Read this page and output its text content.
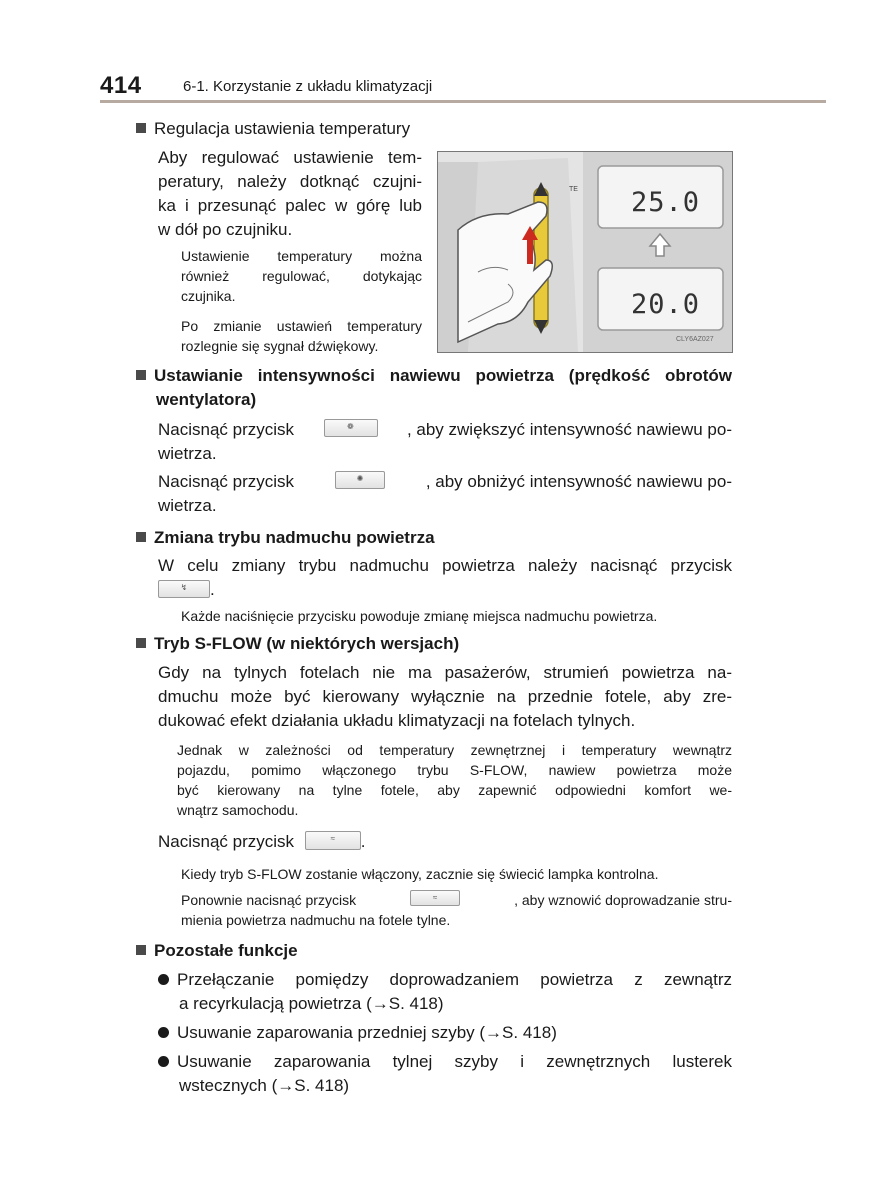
414	6-1. Korzystanie z układu klimatyzacji
Regulacja ustawienia temperatury
Aby regulować ustawienie tem-
peratury, należy dotknąć czujni-
ka i przesunąć palec w górę lub
w dół po czujniku.
Ustawienie temperatury można
również regulować, dotykając
czujnika.
Po zmianie ustawień temperatury
rozlegnie się sygnał dźwiękowy.
TE 25.0
20.0
CLY6AZ027
Ustawianie intensywności nawiewu powietrza (prędkość obrotów
wentylatora)
Nacisnąć przycisk	❁	, aby zwiększyć intensywność nawiewu po-
wietrza.
Nacisnąć przycisk	✺	, aby obniżyć intensywność nawiewu po-
wietrza.
Zmiana trybu nadmuchu powietrza
W celu zmiany trybu nadmuchu powietrza należy nacisnąć przycisk
↯ .
Każde naciśnięcie przycisku powoduje zmianę miejsca nadmuchu powietrza.
Tryb S-FLOW (w niektórych wersjach)
Gdy na tylnych fotelach nie ma pasażerów, strumień powietrza na-
dmuchu może być kierowany wyłącznie na przednie fotele, aby zre-
dukować efekt działania układu klimatyzacji na fotelach tylnych.
Jednak w zależności od temperatury zewnętrznej i temperatury wewnątrz
pojazdu, pomimo włączonego trybu S-FLOW, nawiew powietrza może
być kierowany na tylne fotele, aby zapewnić odpowiedni komfort we-
wnątrz samochodu.
Nacisnąć przycisk	≈ .
Kiedy tryb S-FLOW zostanie włączony, zacznie się świecić lampka kontrolna.
Ponownie nacisnąć przycisk	≈	, aby wznowić doprowadzanie stru-
mienia powietrza nadmuchu na fotele tylne.
Pozostałe funkcje
Przełączanie pomiędzy doprowadzaniem powietrza z zewnątrz
a recyrkulacją powietrza (→S. 418)
Usuwanie zaparowania przedniej szyby (→S. 418)
Usuwanie zaparowania tylnej szyby i zewnętrznych lusterek
wstecznych (→S. 418)
